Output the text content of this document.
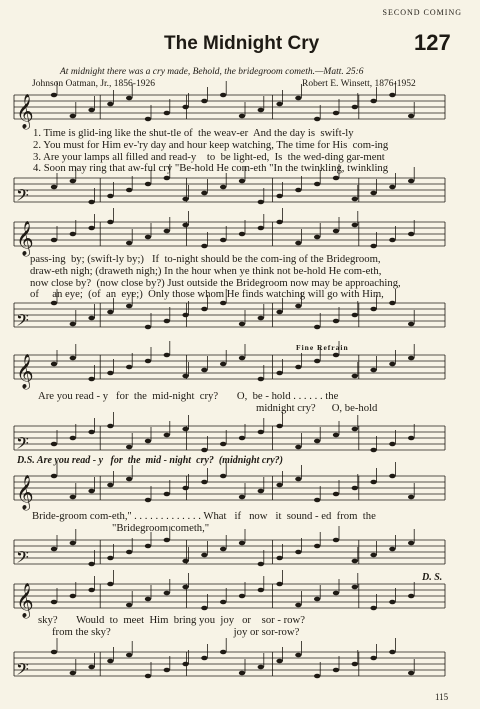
SECOND COMING
The Midnight Cry	127
At midnight there was a cry made, Behold, the bridegroom cometh.—Matt. 25:6
Johnson Oatman, Jr., 1856-1926	Robert E. Winsett, 1876-1952
𝄞
𝄢
𝄞
𝄢
𝄞
𝄢
𝄞
𝄢
𝄞
𝄢
1. Time is glid-ing like the shut-tle of  the weav-er  And the day is  swift-ly
2. You must for Him ev-'ry day and hour keep watching, The time for His  com-ing
3. Are your lamps all filled and read-y    to  be light-ed,  Is  the wed-ding gar-ment
4. Soon may ring that aw-ful cry "Be-hold He com-eth "In the twinkling, twinkling
pass-ing  by; (swift-ly by;)   If  to-night should be the com-ing of the Bridegroom,
draw-eth nigh; (draweth nigh;) In the hour when ye think not be-hold He com-eth,
now close by?  (now close by?) Just outside the Bridegroom now may be approaching,
of     an eye;  (of  an  eye;)  Only those whom He finds watching will go with Him,
Fine Refrain
Are you read - y   for  the  mid-night  cry?       O,  be - hold . . . . . . the
midnight cry?      O, be-hold
D.S. Are you read - y   for  the  mid - night  cry?  (midnight cry?)
Bride-groom com-eth,'' . . . . . . . . . . . . . What   if   now   it  sound - ed  from  the
"Bridegroom cometh,"
D. S.
sky?       Would  to  meet  Him  bring you  joy   or    sor - row?
from the sky?                                              joy or sor-row?
115
